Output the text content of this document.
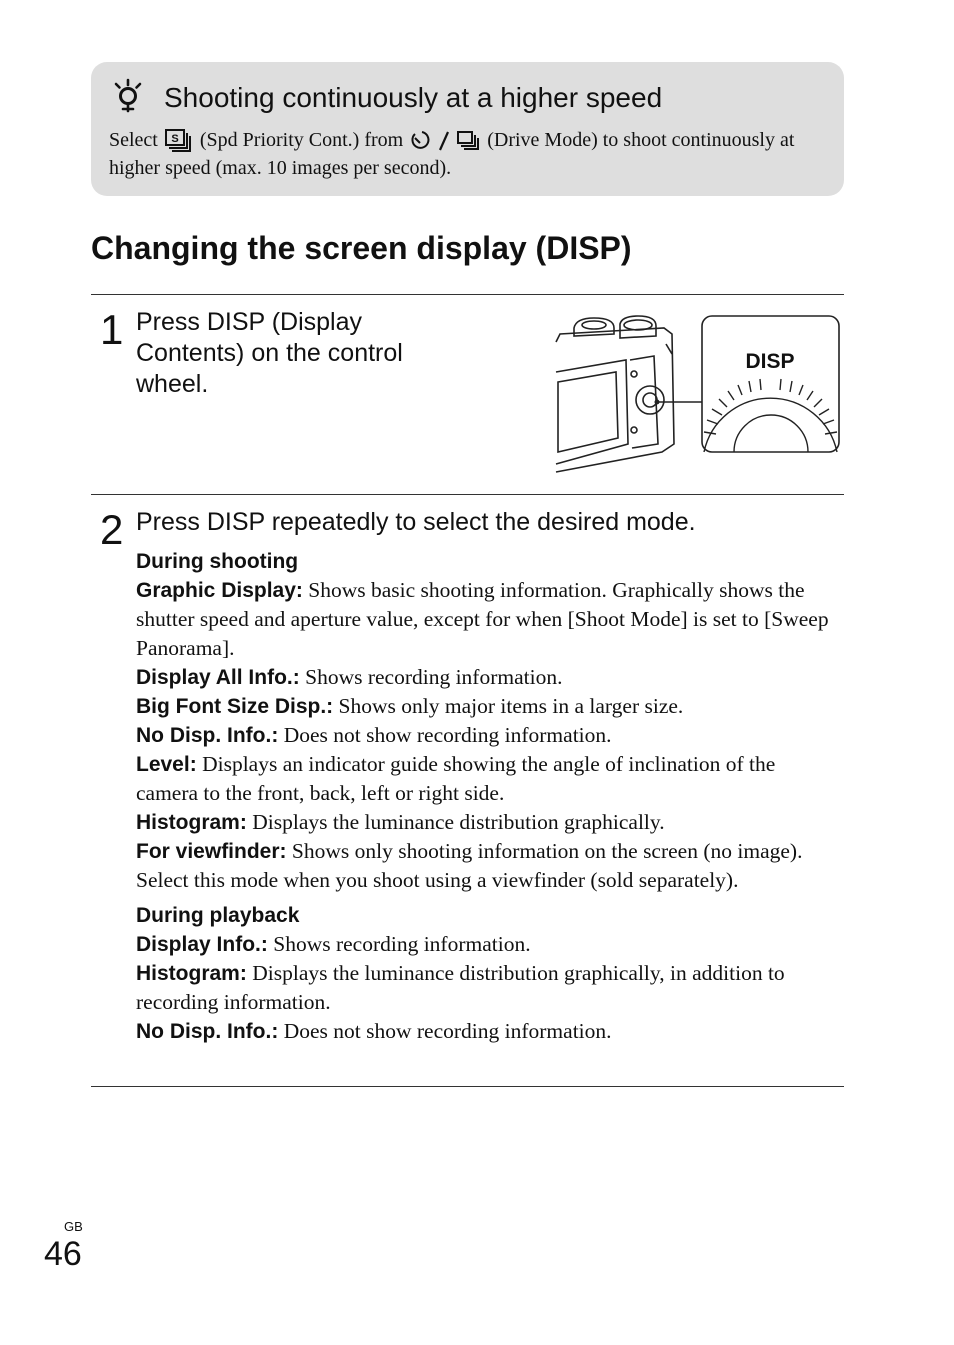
Shooting continuously at a higher speed
Select S (Spd Priority Cont.) from	(Drive Mode) to shoot continuously at higher speed (max. 10 images per second).
Changing the screen display (DISP)
1 Press DISP (Display Contents) on the control wheel.
DISP
2 Press DISP repeatedly to select the desired mode.
During shooting
Graphic Display: Shows basic shooting information. Graphically shows the shutter speed and aperture value, except for when [Shoot Mode] is set to [Sweep Panorama].
Display All Info.: Shows recording information.
Big Font Size Disp.: Shows only major items in a larger size.
No Disp. Info.: Does not show recording information.
Level: Displays an indicator guide showing the angle of inclination of the camera to the front, back, left or right side.
Histogram: Displays the luminance distribution graphically.
For viewfinder: Shows only shooting information on the screen (no image). Select this mode when you shoot using a viewfinder (sold separately).
During playback
Display Info.: Shows recording information.
Histogram: Displays the luminance distribution graphically, in addition to recording information.
No Disp. Info.: Does not show recording information.
GB
46
